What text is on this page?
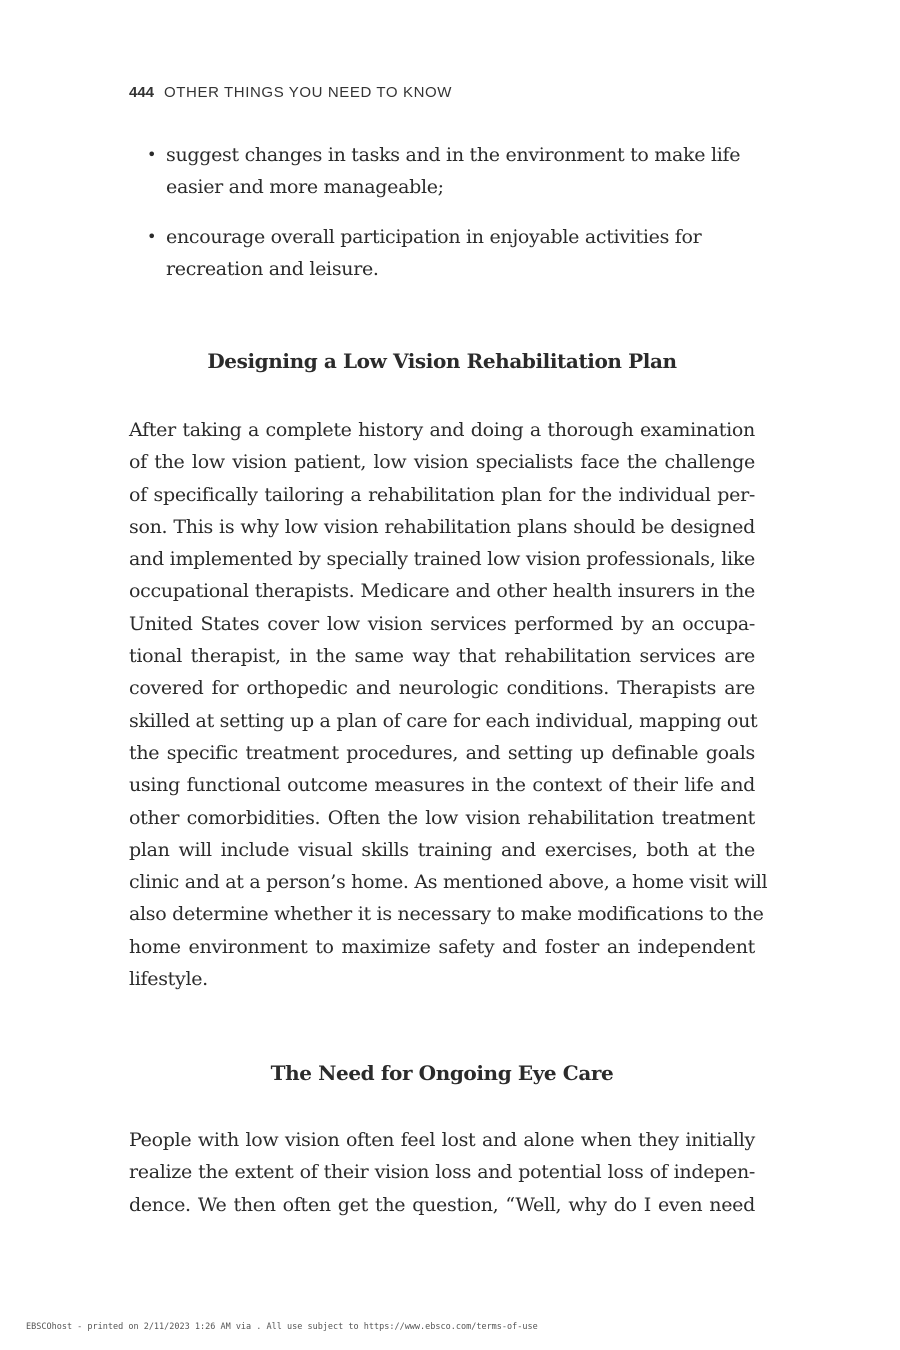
444 OTHER THINGS YOU NEED TO KNOW
• suggest changes in tasks and in the environment to make life
easier and more manageable;
• encourage overall participation in enjoyable activities for
recreation and leisure.
Designing a Low Vision Rehabilitation Plan
After taking a complete history and doing a thorough examination
of the low vision patient, low vision specialists face the challenge
of specifically tailoring a rehabilitation plan for the individual per-
son. This is why low vision rehabilitation plans should be designed
and implemented by specially trained low vision professionals, like
occupational therapists. Medicare and other health insurers in the
United States cover low vision services performed by an occupa-
tional therapist, in the same way that rehabilitation services are
covered for orthopedic and neurologic conditions. Therapists are
skilled at setting up a plan of care for each individual, mapping out
the specific treatment procedures, and setting up definable goals
using functional outcome measures in the context of their life and
other comorbidities. Often the low vision rehabilitation treatment
plan will include visual skills training and exercises, both at the
clinic and at a person’s home. As mentioned above, a home visit will
also determine whether it is necessary to make modifications to the
home environment to maximize safety and foster an independent
lifestyle.
The Need for Ongoing Eye Care
People with low vision often feel lost and alone when they initially
realize the extent of their vision loss and potential loss of indepen-
dence. We then often get the question, “Well, why do I even need
EBSCOhost - printed on 2/11/2023 1:26 AM via . All use subject to https://www.ebsco.com/terms-of-use
